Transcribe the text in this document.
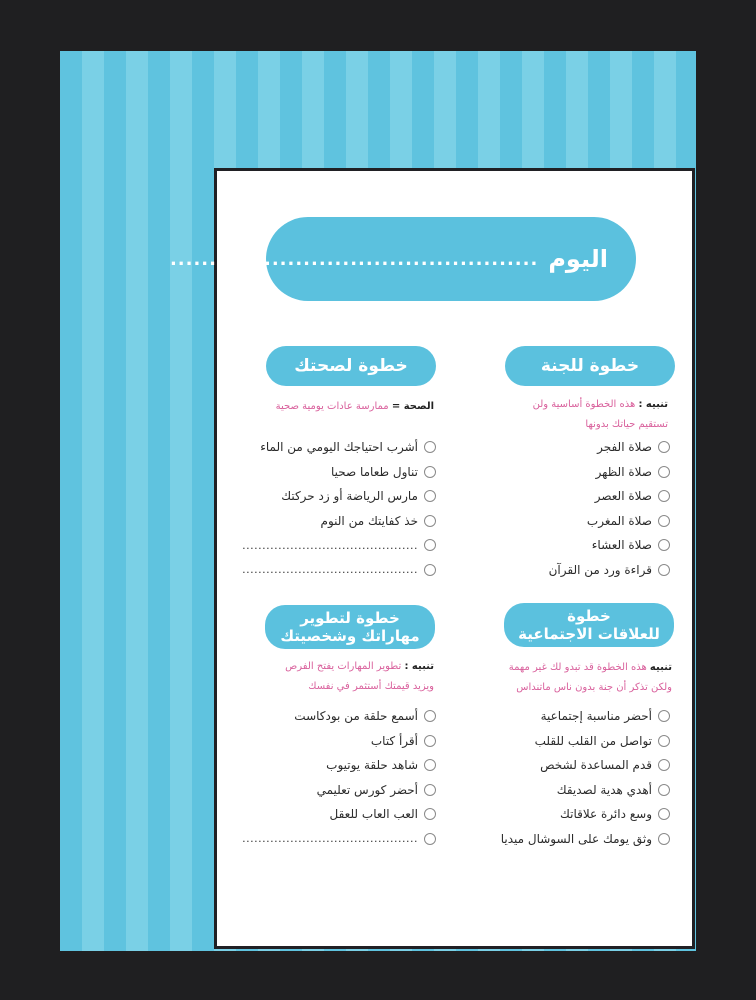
اليوم
...............................................
خطوة للجنة
تنبيه : هذه الخطوة أساسية ولن
تستقيم حياتك بدونها
صلاة الفجر
صلاة الظهر
صلاة العصر
صلاة المغرب
صلاة العشاء
قراءة ورد من القرآن
خطوة لصحتك
الصحة = ممارسة عادات يومية صحية
أشرب احتياجك اليومي من الماء
تناول طعاما صحيا
مارس الرياضة أو زد حركتك
خذ كفايتك من النوم
............................................
............................................
خطوة
للعلاقات الاجتماعية
تنبيه هذه الخطوة قد تبدو لك غير مهمة
ولكن تذكر أن جنة بدون ناس ماتنداس
أحضر مناسبة إجتماعية
تواصل من القلب للقلب
قدم المساعدة لشخص
أهدي هدية لصديقك
وسع دائرة علاقاتك
وثق يومك على السوشال ميديا
خطوة لتطوير
مهاراتك وشخصيتك
تنبيه : تطوير المهارات يفتح الفرص
ويزيد قيمتك أستثمر في نفسك
أسمع حلقة من بودكاست
أقرأ كتاب
شاهد حلقة يوتيوب
أحضر كورس تعليمي
العب العاب للعقل
............................................
